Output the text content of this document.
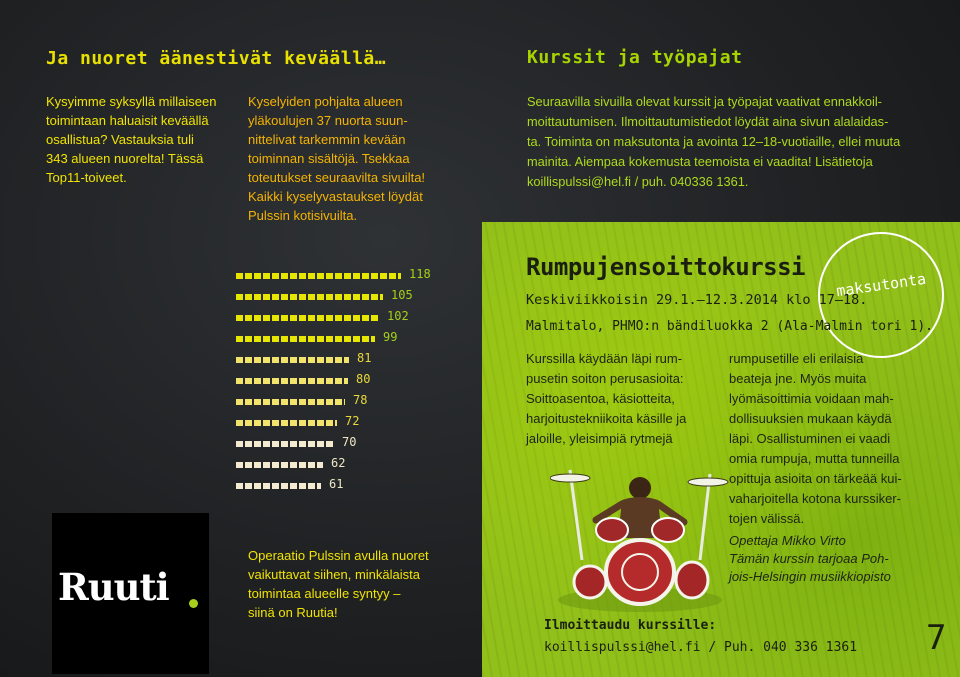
Ja nuoret äänestivät keväällä…
Kysyimme syksyllä millaiseen
toimintaan haluaisit keväällä
osallistua? Vastauksia tuli
343 alueen nuorelta! Tässä
Top11-toiveet.
Kyselyiden pohjalta alueen
yläkoulujen 37 nuorta suun-
nittelivat tarkemmin kevään
toiminnan sisältöjä. Tsekkaa
toteutukset seuraavilta sivuilta!
Kaikki kyselyvastaukset löydät
Pulssin kotisivuilta.
118
105
102
99
81
80
78
72
70
62
61
Ruuti
Operaatio Pulssin avulla nuoret
vaikuttavat siihen, minkälaista
toimintaa alueelle syntyy –
siinä on Ruutia!
Kurssit ja työpajat
Seuraavilla sivuilla olevat kurssit ja työpajat vaativat ennakkoil-
moittautumisen. Ilmoittautumistiedot löydät aina sivun alalaidas-
ta. Toiminta on maksutonta ja avointa 12–18-vuotiaille, ellei muuta
mainita. Aiempaa kokemusta teemoista ei vaadita! Lisätietoja
koillispulssi@hel.fi / puh. 040336 1361.
maksutonta
Rumpujensoittokurssi
Keskiviikkoisin 29.1.—12.3.2014 klo 17—18.
Malmitalo, PHMO:n bändiluokka 2 (Ala-Malmin tori 1).
Kurssilla käydään läpi rum-
pusetin soiton perusasioita:
Soittoasentoa, käsiotteita,
harjoitustekniikoita käsille ja
jaloille, yleisimpiä rytmejä
rumpusetille eli erilaisia
beateja jne. Myös muita
lyömäsoittimia voidaan mah-
dollisuuksien mukaan käydä
läpi. Osallistuminen ei vaadi
omia rumpuja, mutta tunneilla
opittuja asioita on tärkeää kui-
vaharjoitella kotona kurssiker-
tojen välissä.
Opettaja Mikko Virto
Tämän kurssin tarjoaa Poh-
jois-Helsingin musiikkiopisto
Ilmoittaudu kurssille:
koillispulssi@hel.fi / Puh. 040 336 1361 7
